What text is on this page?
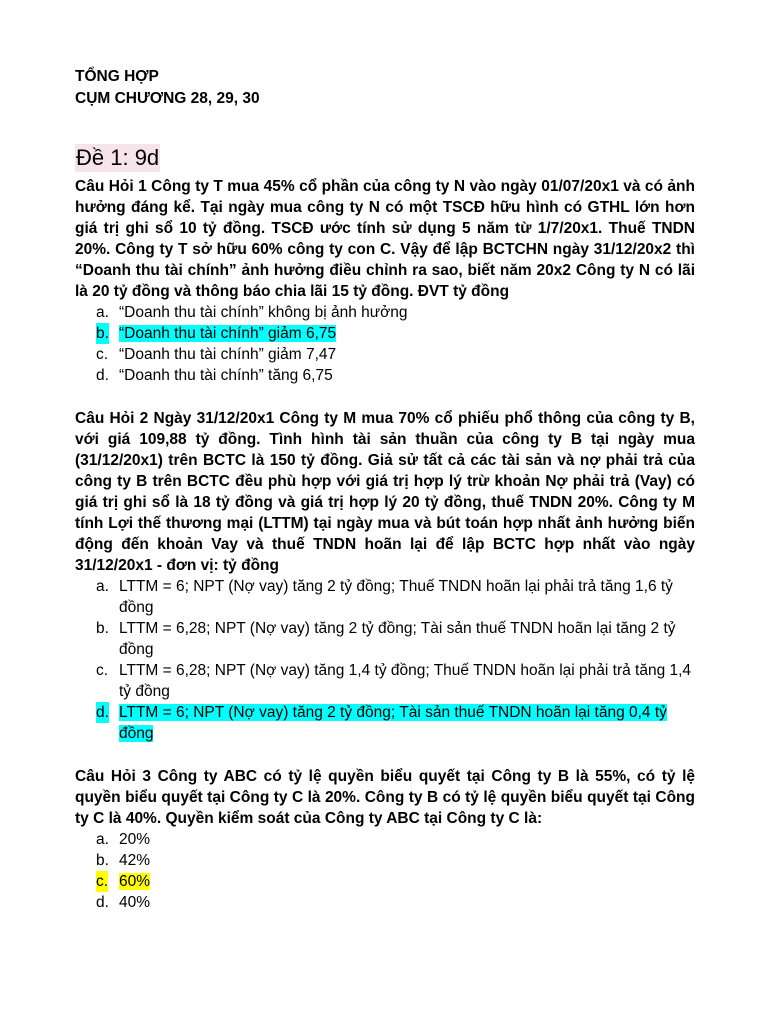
TỔNG HỢP
CỤM CHƯƠNG 28, 29, 30
Đề 1: 9d

Câu Hỏi 1 Công ty T mua 45% cổ phần của công ty N vào ngày 01/07/20x1 và có ảnh hưởng đáng kể. Tại ngày mua công ty N có một TSCĐ hữu hình có GTHL lớn hơn giá trị ghi sổ 10 tỷ đồng. TSCĐ ước tính sử dụng 5 năm từ 1/7/20x1. Thuế TNDN 20%. Công ty T sở hữu 60% công ty con C. Vậy để lập BCTCHN ngày 31/12/20x2 thì “Doanh thu tài chính” ảnh hưởng điều chỉnh ra sao, biết năm 20x2 Công ty N có lãi là 20 tỷ đồng và thông báo chia lãi 15 tỷ đồng. ĐVT tỷ đồng

a. “Doanh thu tài chính” không bị ảnh hưởng
b. “Doanh thu tài chính” giảm 6,75
c. “Doanh thu tài chính” giảm 7,47
d. “Doanh thu tài chính” tăng 6,75

Câu Hỏi 2 Ngày 31/12/20x1 Công ty M mua 70% cổ phiếu phổ thông của công ty B, với giá 109,88 tỷ đồng. Tình hình tài sản thuần của công ty B tại ngày mua (31/12/20x1) trên BCTC là 150 tỷ đồng. Giả sử tất cả các tài sản và nợ phải trả của công ty B trên BCTC đều phù hợp với giá trị hợp lý trừ khoản Nợ phải trả (Vay) có giá trị ghi sổ là 18 tỷ đồng và giá trị hợp lý 20 tỷ đồng, thuế TNDN 20%. Công ty M tính Lợi thế thương mại (LTTM) tại ngày mua và bút toán hợp nhất ảnh hưởng biến động đến khoản Vay và thuế TNDN hoãn lại để lập BCTC hợp nhất vào ngày 31/12/20x1 - đơn vị: tỷ đồng

a. LTTM = 6; NPT (Nợ vay) tăng 2 tỷ đồng; Thuế TNDN hoãn lại phải trả tăng 1,6 tỷ đồng
b. LTTM = 6,28; NPT (Nợ vay) tăng 2 tỷ đồng; Tài sản thuế TNDN hoãn lại tăng 2 tỷ đồng
c. LTTM = 6,28; NPT (Nợ vay) tăng 1,4 tỷ đồng; Thuế TNDN hoãn lại phải trả tăng 1,4 tỷ đồng
d. LTTM = 6; NPT (Nợ vay) tăng 2 tỷ đồng; Tài sản thuế TNDN hoãn lại tăng 0,4 tỷ đồng

Câu Hỏi 3 Công ty ABC có tỷ lệ quyền biểu quyết tại Công ty B là 55%, có tỷ lệ quyền biểu quyết tại Công ty C là 20%. Công ty B có tỷ lệ quyền biểu quyết tại Công ty C là 40%. Quyền kiểm soát của Công ty ABC tại Công ty C là:

a. 20%
b. 42%
c. 60%
d. 40%
